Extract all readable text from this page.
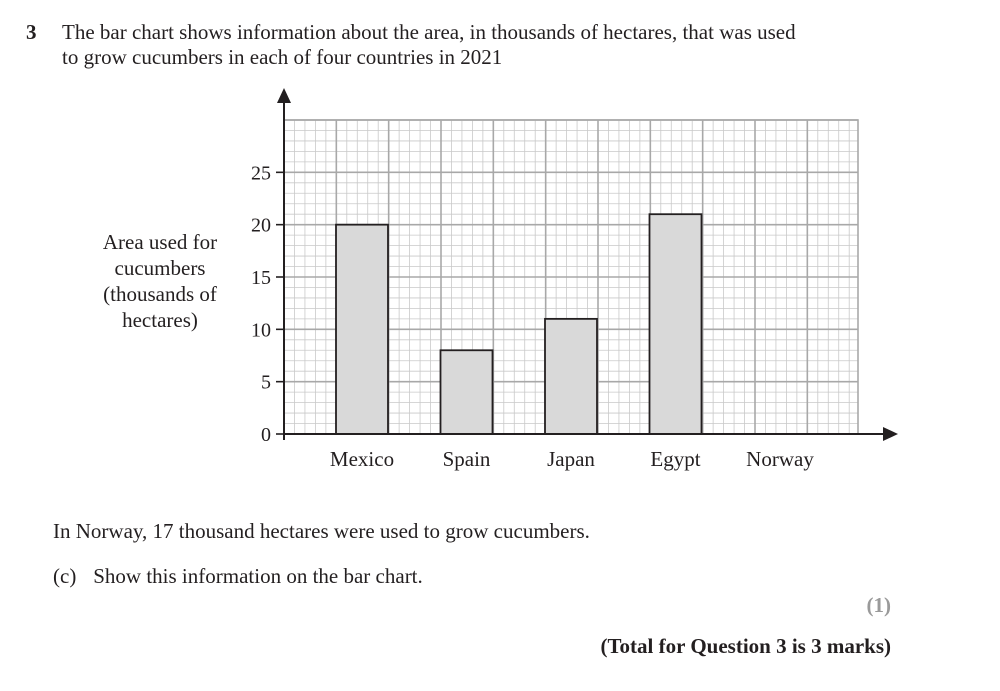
3 The bar chart shows information about the area, in thousands of hectares, that was used
to grow cucumbers in each of four countries in 2021
Area used for
cucumbers
(thousands of
hectares)
0
5
10
15
20
25
Mexico Spain	Japan	Egypt Norway
In Norway, 17 thousand hectares were used to grow cucumbers.
(c) Show this information on the bar chart.
(1)
(Total for Question 3 is 3 marks)
